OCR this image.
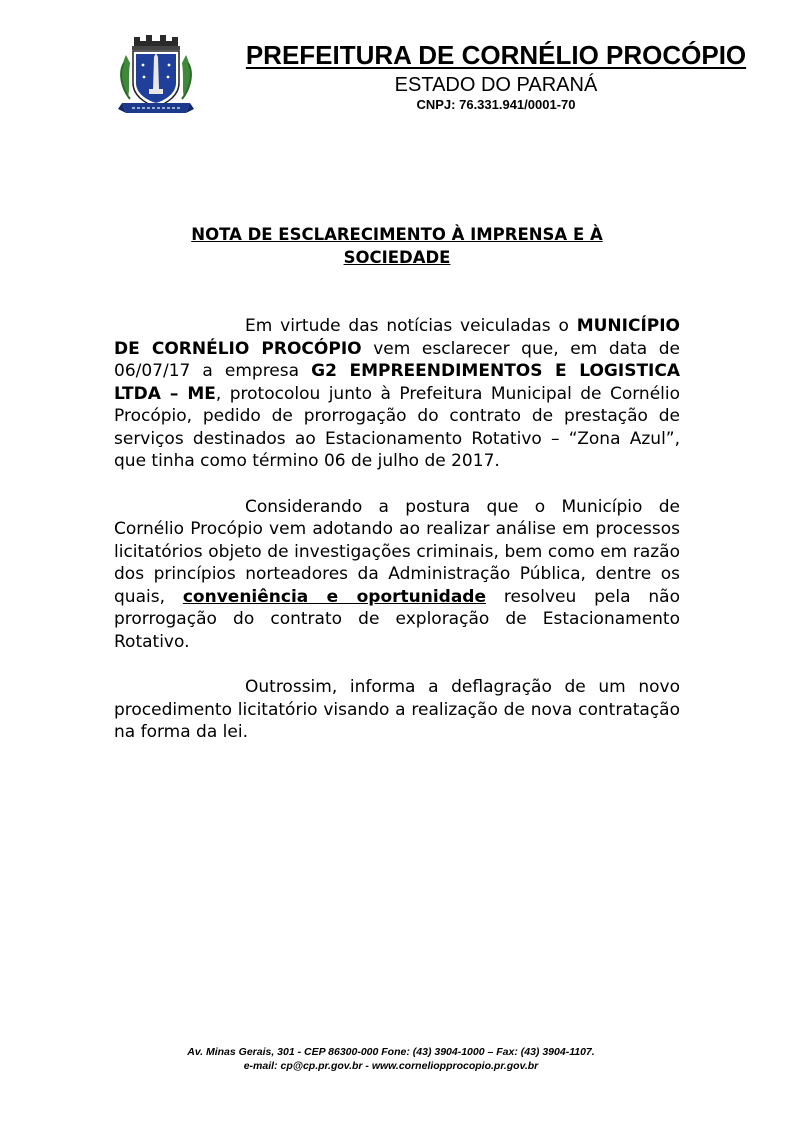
PREFEITURA DE CORNÉLIO PROCÓPIO
ESTADO DO PARANÁ
CNPJ: 76.331.941/0001-70
NOTA DE ESCLARECIMENTO À IMPRENSA E À SOCIEDADE

Em virtude das notícias veiculadas o MUNICÍPIO DE CORNÉLIO PROCÓPIO vem esclarecer que, em data de 06/07/17 a empresa G2 EMPREENDIMENTOS E LOGISTICA LTDA – ME, protocolou junto à Prefeitura Municipal de Cornélio Procópio, pedido de prorrogação do contrato de prestação de serviços destinados ao Estacionamento Rotativo – “Zona Azul”, que tinha como término 06 de julho de 2017.

Considerando a postura que o Município de Cornélio Procópio vem adotando ao realizar análise em processos licitatórios objeto de investigações criminais, bem como em razão dos princípios norteadores da Administração Pública, dentre os quais, conveniência e oportunidade resolveu pela não prorrogação do contrato de exploração de Estacionamento Rotativo.

Outrossim, informa a deflagração de um novo procedimento licitatório visando a realização de nova contratação na forma da lei.

Av. Minas Gerais, 301 - CEP 86300-000 Fone: (43) 3904-1000 – Fax: (43) 3904-1107.
e-mail: cp@cp.pr.gov.br - www.corneliopprocopio.pr.gov.br
